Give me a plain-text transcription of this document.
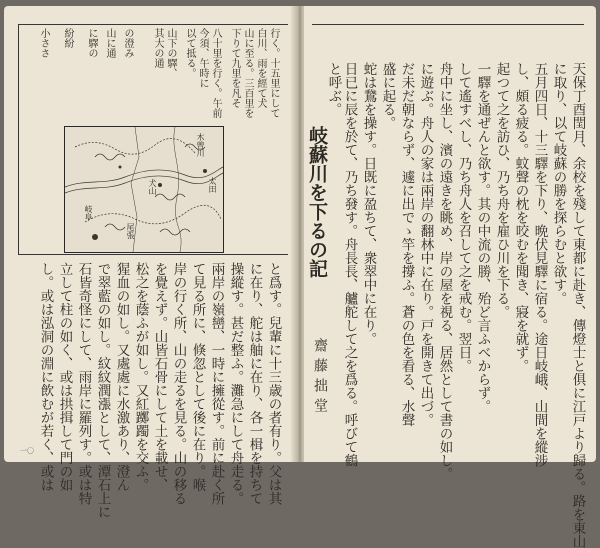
行く。十五里にして
白川、雨を經て犬
山に至る。三百里を
下りて九里を凡そ
八十里を行く。午前
今須、午時に
以て抵る。
山下の驛、
其大の通
の澄み
山に通
に驛の
紛紛
小ささ
木曾川
岐阜
犬山	太田
尾張
と爲す。兒輩に十三歳の者有り。父は其
に在り、舵は舳に在り、各一楫を持ちて
操縱す。甚だ整ふ。灘急にして舟走る。
兩岸の嶺巒、一時に擁從す。前に赴く所
て見る所に、倏忽として後に在り。喉
岸の行く所、山の走るを見る。山の移る
を覺えず。山皆石骨にして土を載せ、
松之を蔭ふが如し。又紅躑躅を交ふ。
猩血の如し。又處處に水激あり、澄ん
で翠藍の如し。紋紋潤漲として、潭石上に
石皆奇怪にして、雨岸に羅列す。或は特
立して柱の如く、或は拱揖して門の如
し。或は泓洞の淵に飲むが若く、或は
一〇
岐蘇川を下るの記
齋藤拙堂	天保丁酉閏月、余校を殘して東都に赴き、傳燈士と俱に江戸より歸る。路を東山
に取り、以て岐蘇の勝を探らむと欲す。
五月四日、十三驛を下り、晩伏見驛に宿る。途日岐峨、山間を縱涉
し、頗る疲る。蚊聲の枕を咬むを聞き、寢を就ず。
起つて之を訪ひ、乃ち舟を雇ひ川を下る。
一驛を通ぜんと欲す。其の中流の勝、殆ど言ふべからず。
して遙すべし、乃ち舟人を召して之を戒む。翌日。
舟中に坐し、濱の遠きを眺め、岸の屋を視る、居然として書の如し。
に遊ぶ。舟人の家は兩岸の翻林中に在り。戸を開きて出づ。
だ未だ朝ならず、遽に出でゝ竿を撐ふ。蒼の色を看る、水聲
盛に起る。
蛇は鵞を操す。日既に盈ちて、衆翠中に在り。
日已に辰を於て、乃ち發す。舟長長、艫舵して之を爲る。呼びて鶴
と呼ぶ。
